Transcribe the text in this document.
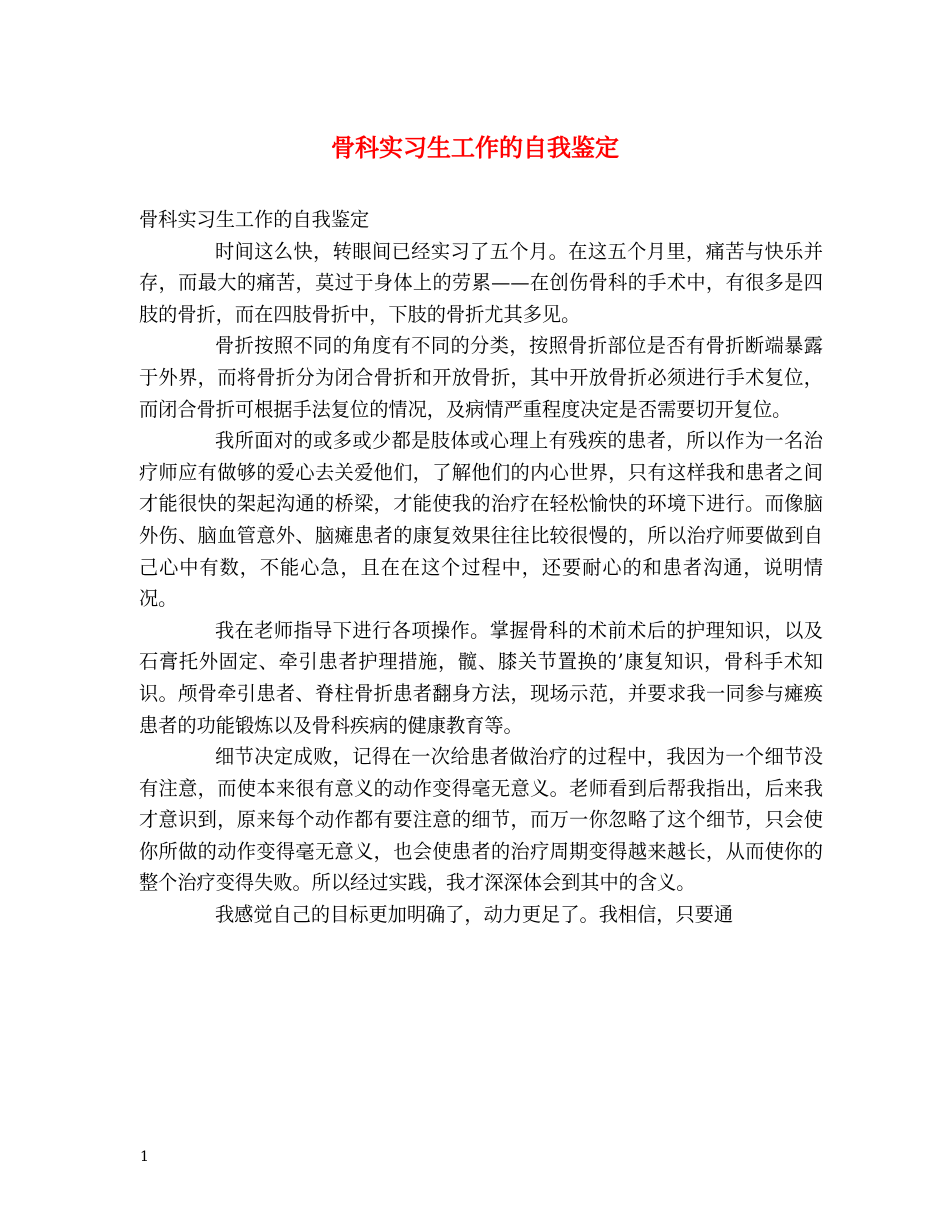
骨科实习生工作的自我鉴定

骨科实习生工作的自我鉴定

时间这么快，转眼间已经实习了五个月。在这五个月里，痛苦与快乐并存，而最大的痛苦，莫过于身体上的劳累——在创伤骨科的手术中，有很多是四肢的骨折，而在四肢骨折中，下肢的骨折尤其多见。

骨折按照不同的角度有不同的分类，按照骨折部位是否有骨折断端暴露于外界，而将骨折分为闭合骨折和开放骨折，其中开放骨折必须进行手术复位，而闭合骨折可根据手法复位的情况，及病情严重程度决定是否需要切开复位。

我所面对的或多或少都是肢体或心理上有残疾的患者，所以作为一名治疗师应有做够的爱心去关爱他们，了解他们的内心世界，只有这样我和患者之间才能很快的架起沟通的桥梁，才能使我的治疗在轻松愉快的环境下进行。而像脑外伤、脑血管意外、脑瘫患者的康复效果往往比较很慢的，所以治疗师要做到自己心中有数，不能心急，且在在这个过程中，还要耐心的和患者沟通，说明情况。

我在老师指导下进行各项操作。掌握骨科的术前术后的护理知识，以及石膏托外固定、牵引患者护理措施，髋、膝关节置换的’康复知识，骨科手术知识。颅骨牵引患者、脊柱骨折患者翻身方法，现场示范，并要求我一同参与瘫痪患者的功能锻炼以及骨科疾病的健康教育等。

细节决定成败，记得在一次给患者做治疗的过程中，我因为一个细节没有注意，而使本来很有意义的动作变得毫无意义。老师看到后帮我指出，后来我才意识到，原来每个动作都有要注意的细节，而万一你忽略了这个细节，只会使你所做的动作变得毫无意义，也会使患者的治疗周期变得越来越长，从而使你的整个治疗变得失败。所以经过实践，我才深深体会到其中的含义。

我感觉自己的目标更加明确了，动力更足了。我相信，只要通

1
